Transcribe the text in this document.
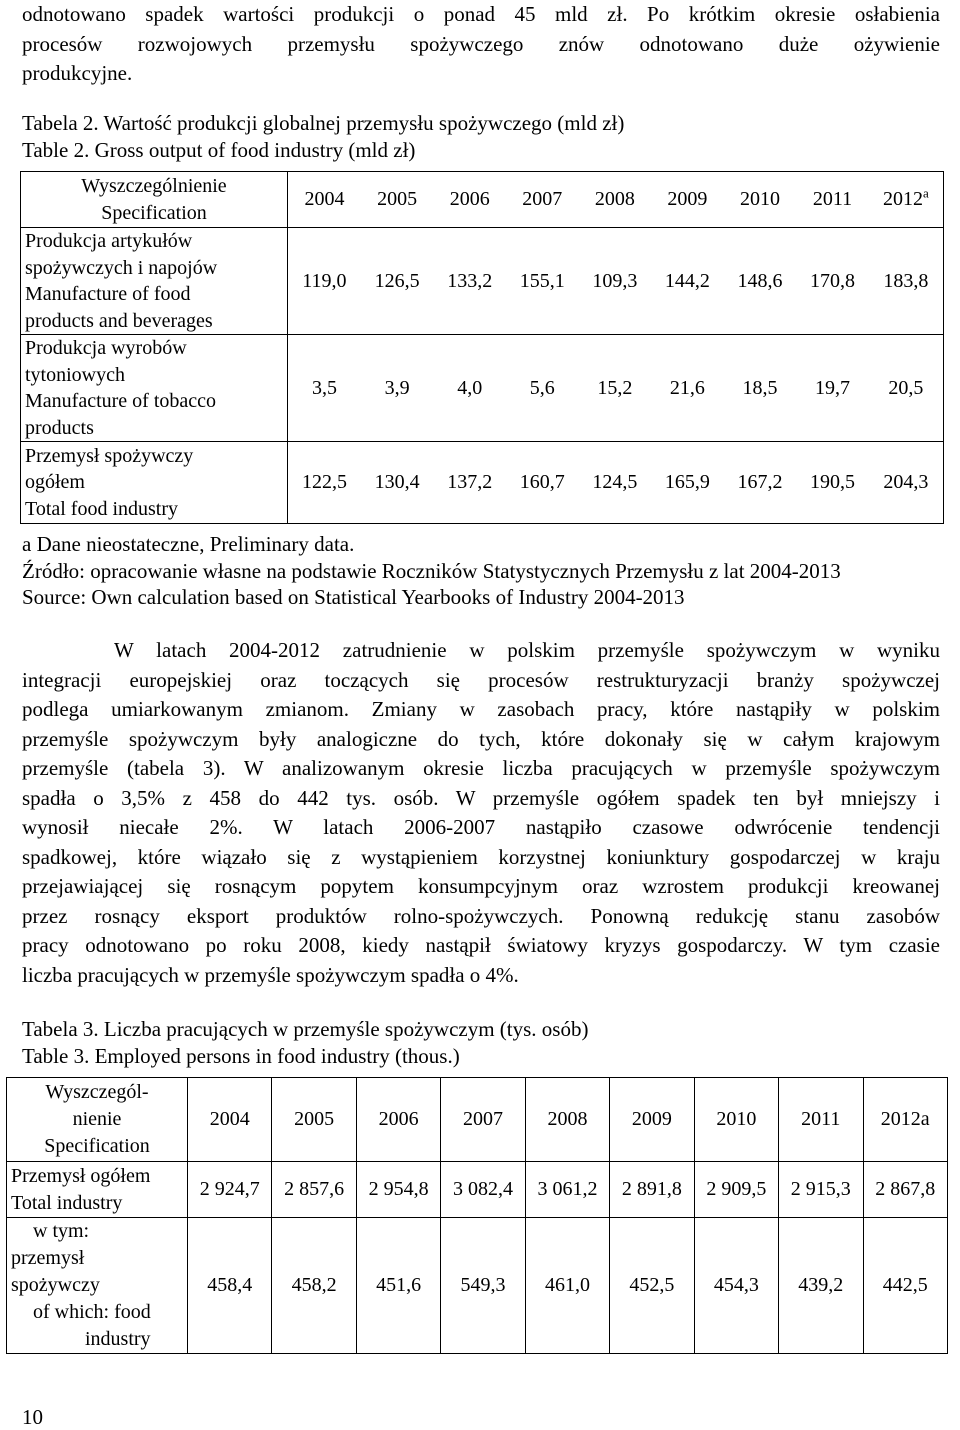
odnotowano spadek wartości produkcji o ponad 45 mld zł. Po krótkim okresie osłabienia
procesów rozwojowych przemysłu spożywczego znów odnotowano duże ożywienie
produkcyjne.
Tabela 2. Wartość produkcji globalnej przemysłu spożywczego (mld zł)
Table 2. Gross output of food industry (mld zł)
Wyszczególnienie
Specification	2004	2005	2006	2007	2008	2009	2010	2011	2012$^a$

Produkcja artykułów
spożywczych i napojów
Manufacture of food
products and beverages	119,0	126,5	133,2	155,1	109,3	144,2	148,6	170,8	183,8

Produkcja wyrobów
tytoniowych
Manufacture of tobacco
products	3,5	3,9	4,0	5,6	15,2	21,6	18,5	19,7	20,5

Przemysł spożywczy
ogółem
Total food industry	122,5	130,4	137,2	160,7	124,5	165,9	167,2	190,5	204,3
a Dane nieostateczne, Preliminary data.
Źródło: opracowanie własne na podstawie Roczników Statystycznych Przemysłu z lat 2004-2013
Source: Own calculation based on Statistical Yearbooks of Industry 2004-2013
W latach 2004-2012 zatrudnienie w polskim przemyśle spożywczym w wyniku
integracji europejskiej oraz toczących się procesów restrukturyzacji branży spożywczej
podlega umiarkowanym zmianom. Zmiany w zasobach pracy, które nastąpiły w polskim
przemyśle spożywczym były analogiczne do tych, które dokonały się w całym krajowym
przemyśle (tabela 3). W analizowanym okresie liczba pracujących w przemyśle spożywczym
spadła o 3,5% z 458 do 442 tys. osób. W przemyśle ogółem spadek ten był mniejszy i
wynosił niecałe 2%. W latach 2006-2007 nastąpiło czasowe odwrócenie tendencji
spadkowej, które wiązało się z wystąpieniem korzystnej koniunktury gospodarczej w kraju
przejawiającej się rosnącym popytem konsumpcyjnym oraz wzrostem produkcji kreowanej
przez rosnący eksport produktów rolno-spożywczych. Ponowną redukcję stanu zasobów
pracy odnotowano po roku 2008, kiedy nastąpił światowy kryzys gospodarczy. W tym czasie
liczba pracujących w przemyśle spożywczym spadła o 4%.
Tabela 3. Liczba pracujących w przemyśle spożywczym (tys. osób)
Table 3. Employed persons in food industry (thous.)
Wyszczegól-
nienie
Specification	2004	2005	2006	2007	2008	2009	2010	2011	2012a

Przemysł ogółem
Total industry	2 924,7	2 857,6	2 954,8	3 082,4	3 061,2	2 891,8	2 909,5	2 915,3	2 867,8

w tym:
przemysł
spożywczy
of which: food
industry	458,4	458,2	451,6	549,3	461,0	452,5	454,3	439,2	442,5
10
